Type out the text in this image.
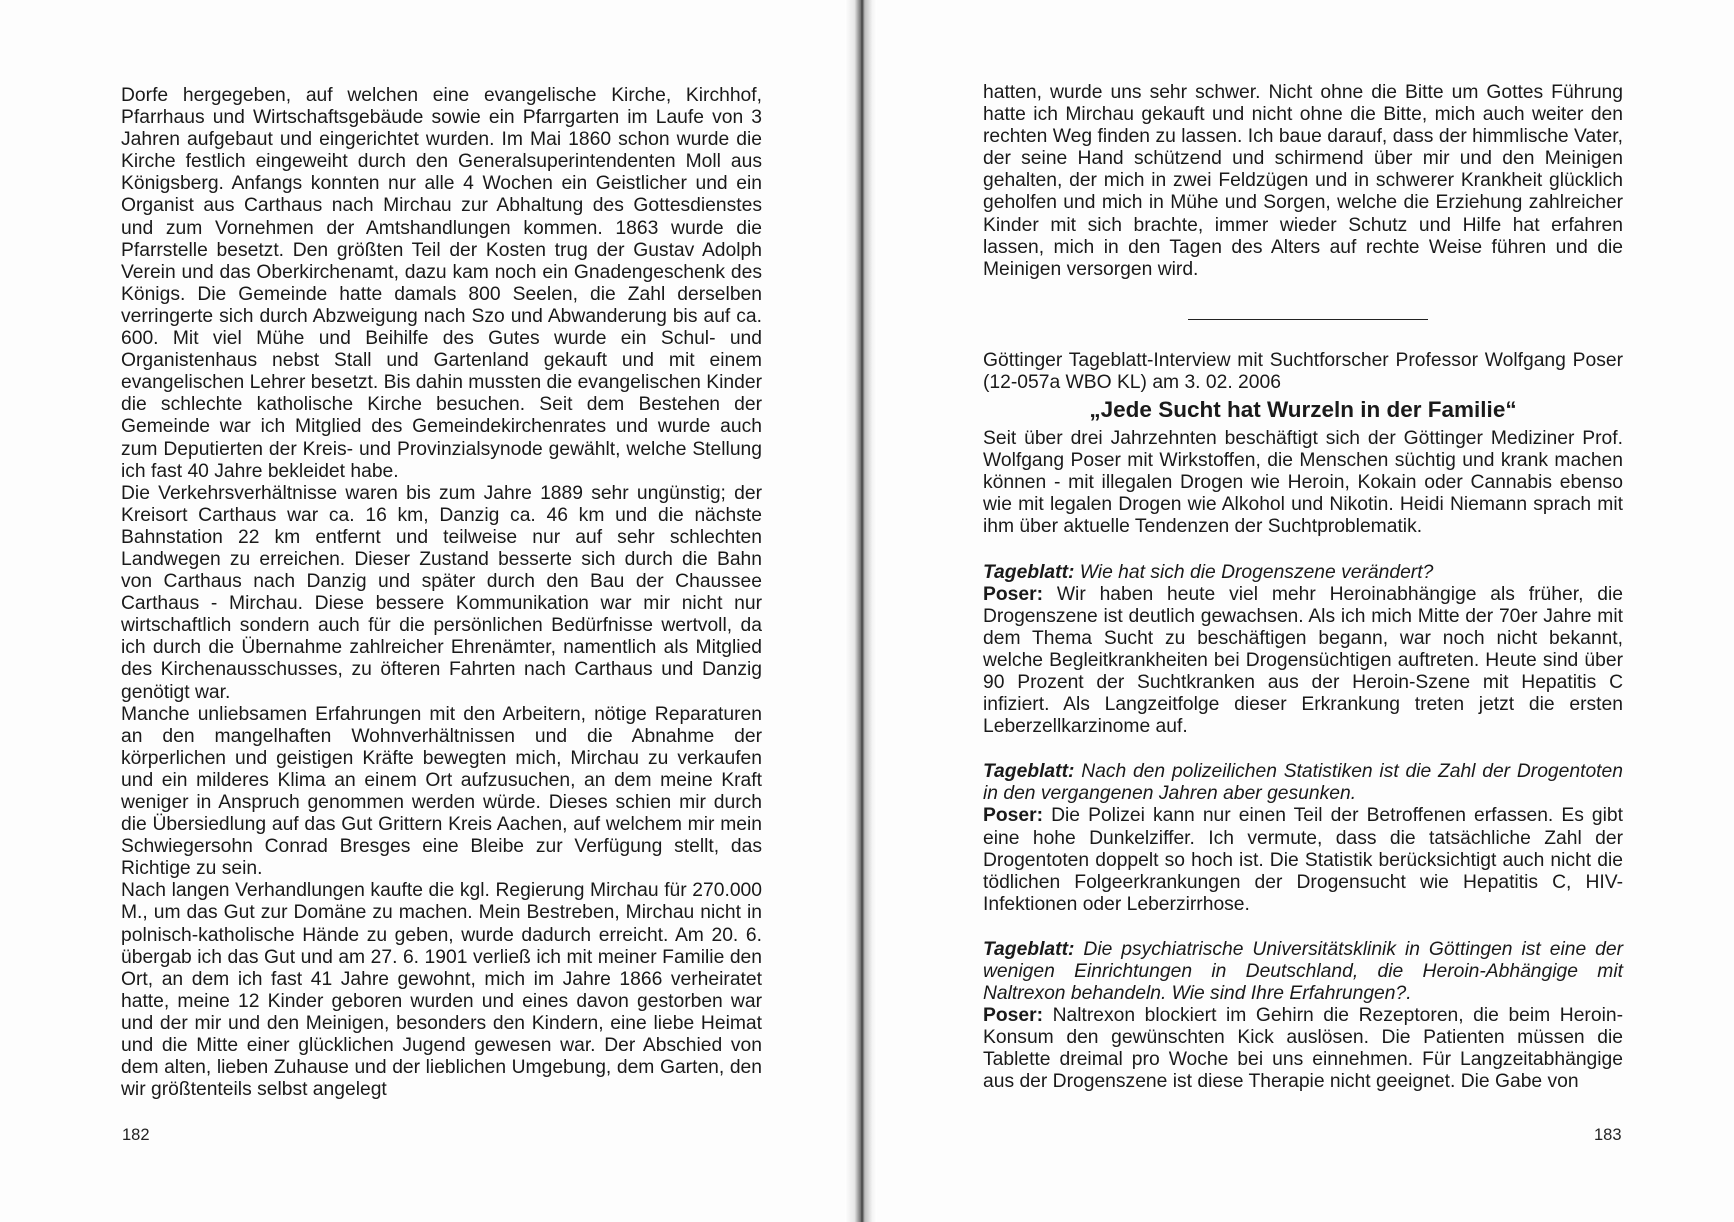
Dorfe hergegeben, auf welchen eine evangelische Kirche, Kirchhof, Pfarrhaus und Wirtschaftsgebäude sowie ein Pfarrgarten im Laufe von 3 Jahren aufgebaut und eingerichtet wurden. Im Mai 1860 schon wurde die Kirche festlich eingeweiht durch den Generalsuperintendenten Moll aus Königsberg. Anfangs konnten nur alle 4 Wochen ein Geistlicher und ein Organist aus Carthaus nach Mirchau zur Abhaltung des Gottesdienstes und zum Vornehmen der Amtshandlungen kommen. 1863 wurde die Pfarrstelle besetzt. Den größten Teil der Kosten trug der Gustav Adolph Verein und das Oberkirchenamt, dazu kam noch ein Gnadengeschenk des Königs. Die Gemeinde hatte damals 800 Seelen, die Zahl derselben verringerte sich durch Abzweigung nach Szo und Abwanderung bis auf ca. 600. Mit viel Mühe und Beihilfe des Gutes wurde ein Schul- und Organistenhaus nebst Stall und Gartenland gekauft und mit einem evangelischen Lehrer besetzt. Bis dahin mussten die evangelischen Kinder die schlechte katholische Kirche besuchen. Seit dem Bestehen der Gemeinde war ich Mitglied des Gemeindekirchenrates und wurde auch zum Deputierten der Kreis- und Provinzialsynode gewählt, welche Stellung ich fast 40 Jahre bekleidet habe.

Die Verkehrsverhältnisse waren bis zum Jahre 1889 sehr ungünstig; der Kreisort Carthaus war ca. 16 km, Danzig ca. 46 km und die nächste Bahnstation 22 km entfernt und teilweise nur auf sehr schlechten Landwegen zu erreichen. Dieser Zustand besserte sich durch die Bahn von Carthaus nach Danzig und später durch den Bau der Chaussee Carthaus - Mirchau. Diese bessere Kommunikation war mir nicht nur wirtschaftlich sondern auch für die persönlichen Bedürfnisse wertvoll, da ich durch die Übernahme zahlreicher Ehrenämter, namentlich als Mitglied des Kirchenausschusses, zu öfteren Fahrten nach Carthaus und Danzig genötigt war.

Manche unliebsamen Erfahrungen mit den Arbeitern, nötige Reparaturen an den mangelhaften Wohnverhältnissen und die Abnahme der körperlichen und geistigen Kräfte bewegten mich, Mirchau zu verkaufen und ein milderes Klima an einem Ort aufzusuchen, an dem meine Kraft weniger in Anspruch genommen werden würde. Dieses schien mir durch die Übersiedlung auf das Gut Grittern Kreis Aachen, auf welchem mir mein Schwiegersohn Conrad Bresges eine Bleibe zur Verfügung stellt, das Richtige zu sein.

Nach langen Verhandlungen kaufte die kgl. Regierung Mirchau für 270.000 M., um das Gut zur Domäne zu machen. Mein Bestreben, Mirchau nicht in polnisch-katholische Hände zu geben, wurde dadurch erreicht. Am 20. 6. übergab ich das Gut und am 27. 6. 1901 verließ ich mit meiner Familie den Ort, an dem ich fast 41 Jahre gewohnt, mich im Jahre 1866 verheiratet hatte, meine 12 Kinder geboren wurden und eines davon gestorben war und der mir und den Meinigen, besonders den Kindern, eine liebe Heimat und die Mitte einer glücklichen Jugend gewesen war. Der Abschied von dem alten, lieben Zuhause und der lieblichen Umgebung, dem Garten, den wir größtenteils selbst angelegt

182

hatten, wurde uns sehr schwer. Nicht ohne die Bitte um Gottes Führung hatte ich Mirchau gekauft und nicht ohne die Bitte, mich auch weiter den rechten Weg finden zu lassen. Ich baue darauf, dass der himmlische Vater, der seine Hand schützend und schirmend über mir und den Meinigen gehalten, der mich in zwei Feldzügen und in schwerer Krankheit glücklich geholfen und mich in Mühe und Sorgen, welche die Erziehung zahlreicher Kinder mit sich brachte, immer wieder Schutz und Hilfe hat erfahren lassen, mich in den Tagen des Alters auf rechte Weise führen und die Meinigen versorgen wird.

Göttinger Tageblatt-Interview mit Suchtforscher Professor Wolfgang Poser (12-057a WBO KL) am 3. 02. 2006

„Jede Sucht hat Wurzeln in der Familie“

Seit über drei Jahrzehnten beschäftigt sich der Göttinger Mediziner Prof. Wolfgang Poser mit Wirkstoffen, die Menschen süchtig und krank machen können - mit illegalen Drogen wie Heroin, Kokain oder Cannabis ebenso wie mit legalen Drogen wie Alkohol und Nikotin. Heidi Niemann sprach mit ihm über aktuelle Tendenzen der Suchtproblematik.

Tageblatt: Wie hat sich die Drogenszene verändert?
Poser: Wir haben heute viel mehr Heroinabhängige als früher, die Drogenszene ist deutlich gewachsen. Als ich mich Mitte der 70er Jahre mit dem Thema Sucht zu beschäftigen begann, war noch nicht bekannt, welche Begleitkrankheiten bei Drogensüchtigen auftreten. Heute sind über 90 Prozent der Suchtkranken aus der Heroin-Szene mit Hepatitis C infiziert. Als Langzeitfolge dieser Erkrankung treten jetzt die ersten Leberzellkarzinome auf.
Tageblatt: Nach den polizeilichen Statistiken ist die Zahl der Drogentoten in den vergangenen Jahren aber gesunken.
Poser: Die Polizei kann nur einen Teil der Betroffenen erfassen. Es gibt eine hohe Dunkelziffer. Ich vermute, dass die tatsächliche Zahl der Drogentoten doppelt so hoch ist. Die Statistik berücksichtigt auch nicht die tödlichen Folgeerkrankungen der Drogensucht wie Hepatitis C, HIV-Infektionen oder Leberzirrhose.
Tageblatt: Die psychiatrische Universitätsklinik in Göttingen ist eine der wenigen Einrichtungen in Deutschland, die Heroin-Abhängige mit Naltrexon behandeln. Wie sind Ihre Erfahrungen?.
Poser: Naltrexon blockiert im Gehirn die Rezeptoren, die beim Heroin-Konsum den gewünschten Kick auslösen. Die Patienten müssen die Tablette dreimal pro Woche bei uns einnehmen. Für Langzeitabhängige aus der Drogenszene ist diese Therapie nicht geeignet. Die Gabe von
183
